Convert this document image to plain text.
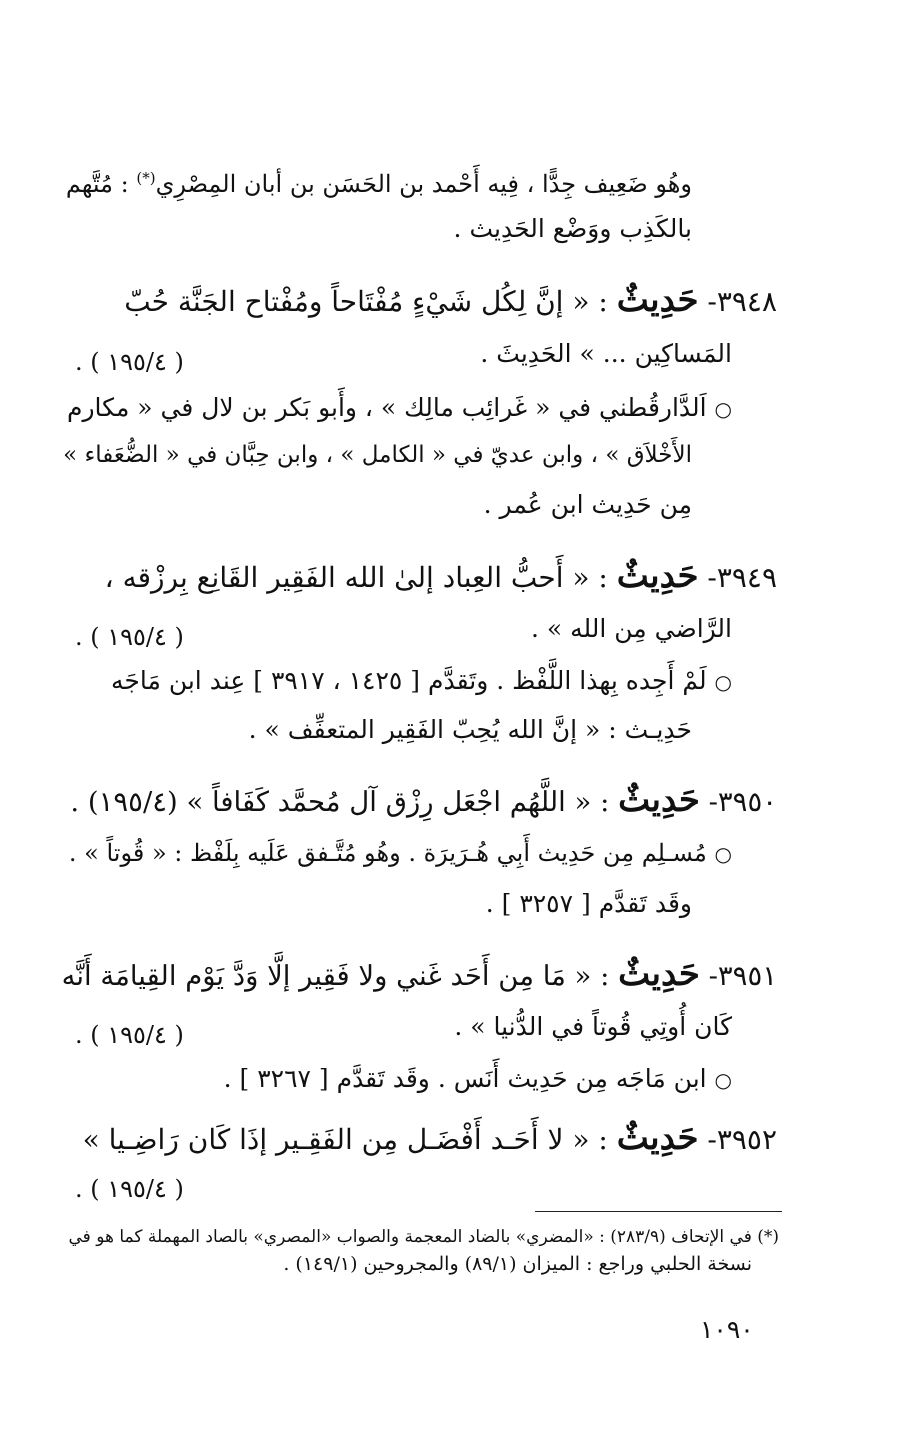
وهُو ضَعِيف جِدًّا ، فِيه أَحْمد بن الحَسَن بن أبان المِصْرِي(*) : مُتَّهم
بالكَذِب ووَضْع الحَدِيث .
٣٩٤٨- حَدِيثٌ : « إنَّ لِكُل شَيْءٍ مُفْتَاحاً ومُفْتاح الجَنَّة حُبّ
المَساكِين ... » الحَدِيثَ .
( ١٩٥/٤ ) .
○ اَلدَّارقُطني في « غَرائِب مالِك » ، وأَبو بَكر بن لال في « مكارم
الأَخْلاَق » ، وابن عديّ في « الكامل » ، وابن حِبَّان في « الضُّعَفاء »
مِن حَدِيث ابن عُمر .
٣٩٤٩- حَدِيثٌ : « أَحبُّ العِباد إلىٰ الله الفَقِير القَانِع بِرزْقه ،
الرَّاضي مِن الله » .
( ١٩٥/٤ ) .
○ لَمْ أَجِده بِهذا اللَّفْظ . وتَقدَّم [ ١٤٢٥ ، ٣٩١٧ ] عِند ابن مَاجَه
حَدِيـث : « إنَّ الله يُحِبّ الفَقِير المتعفِّف » .
٣٩٥٠- حَدِيثٌ : « اللَّهُم اجْعَل رِزْق آل مُحمَّد كَفَافاً » (١٩٥/٤) .
○ مُسـلِم مِن حَدِيث أَبِي هُـرَيرَة . وهُو مُتَّـفق عَلَيه بِلَفْظ : « قُوتاً » .
وقَد تَقدَّم [ ٣٢٥٧ ] .
٣٩٥١- حَدِيثٌ : « مَا مِن أَحَد غَني ولا فَقِير إلَّا وَدَّ يَوْم القِيامَة أَنَّه
كَان أُوتِي قُوتاً في الدُّنيا » .
( ١٩٥/٤ ) .
○ ابن مَاجَه مِن حَدِيث أَنَس . وقَد تَقدَّم [ ٣٢٦٧ ] .
٣٩٥٢- حَدِيثٌ : « لا أَحَـد أَفْضَـل مِن الفَقِـير إذَا كَان رَاضِـيا »
( ١٩٥/٤ ) .
(*) في الإتحاف (٢٨٣/٩) : «المضري» بالضاد المعجمة والصواب «المصري» بالصاد المهملة كما هو في
نسخة الحلبي وراجع : الميزان (٨٩/١) والمجروحين (١٤٩/١) .
١٠٩٠
